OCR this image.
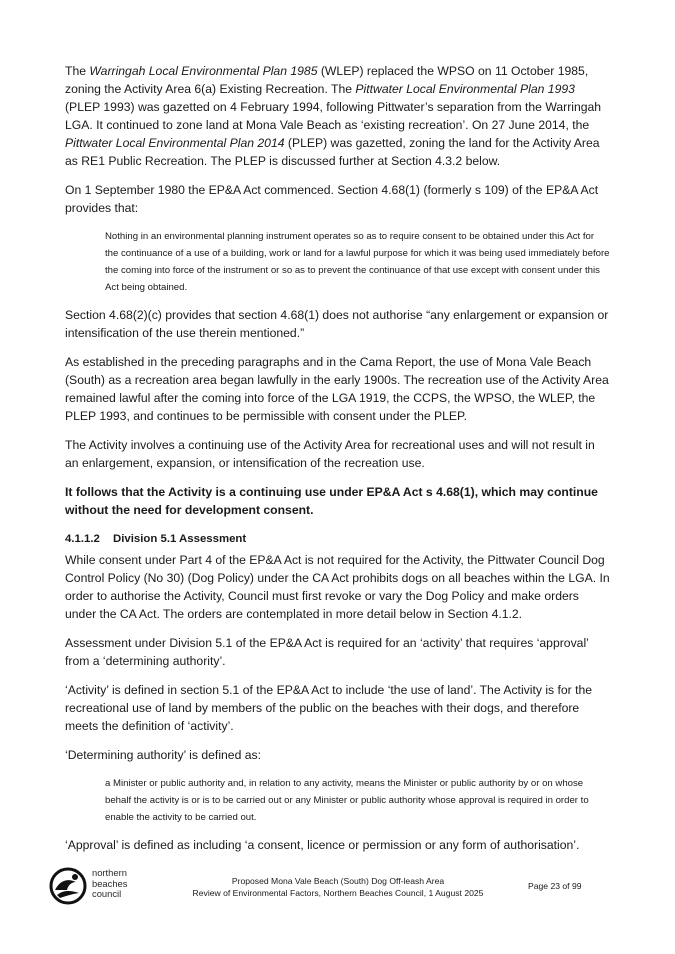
The Warringah Local Environmental Plan 1985 (WLEP) replaced the WPSO on 11 October 1985, zoning the Activity Area 6(a) Existing Recreation. The Pittwater Local Environmental Plan 1993 (PLEP 1993) was gazetted on 4 February 1994, following Pittwater’s separation from the Warringah LGA. It continued to zone land at Mona Vale Beach as ‘existing recreation’. On 27 June 2014, the Pittwater Local Environmental Plan 2014 (PLEP) was gazetted, zoning the land for the Activity Area as RE1 Public Recreation. The PLEP is discussed further at Section 4.3.2 below.

On 1 September 1980 the EP&A Act commenced. Section 4.68(1) (formerly s 109) of the EP&A Act provides that:

Nothing in an environmental planning instrument operates so as to require consent to be obtained under this Act for the continuance of a use of a building, work or land for a lawful purpose for which it was being used immediately before the coming into force of the instrument or so as to prevent the continuance of that use except with consent under this Act being obtained.

Section 4.68(2)(c) provides that section 4.68(1) does not authorise “any enlargement or expansion or intensification of the use therein mentioned.”

As established in the preceding paragraphs and in the Cama Report, the use of Mona Vale Beach (South) as a recreation area began lawfully in the early 1900s. The recreation use of the Activity Area remained lawful after the coming into force of the LGA 1919, the CCPS, the WPSO, the WLEP, the PLEP 1993, and continues to be permissible with consent under the PLEP.

The Activity involves a continuing use of the Activity Area for recreational uses and will not result in an enlargement, expansion, or intensification of the recreation use.

It follows that the Activity is a continuing use under EP&A Act s 4.68(1), which may continue without the need for development consent.

4.1.1.2 Division 5.1 Assessment

While consent under Part 4 of the EP&A Act is not required for the Activity, the Pittwater Council Dog Control Policy (No 30) (Dog Policy) under the CA Act prohibits dogs on all beaches within the LGA. In order to authorise the Activity, Council must first revoke or vary the Dog Policy and make orders under the CA Act. The orders are contemplated in more detail below in Section 4.1.2.

Assessment under Division 5.1 of the EP&A Act is required for an ‘activity’ that requires ‘approval’ from a ‘determining authority’.

‘Activity’ is defined in section 5.1 of the EP&A Act to include ‘the use of land’. The Activity is for the recreational use of land by members of the public on the beaches with their dogs, and therefore meets the definition of ‘activity’.

‘Determining authority’ is defined as:

a Minister or public authority and, in relation to any activity, means the Minister or public authority by or on whose behalf the activity is or is to be carried out or any Minister or public authority whose approval is required in order to enable the activity to be carried out.

‘Approval’ is defined as including ‘a consent, licence or permission or any form of authorisation’.

northern
beaches
council
Proposed Mona Vale Beach (South) Dog Off-leash Area
Review of Environmental Factors, Northern Beaches Council, 1 August 2025
Page 23 of 99
